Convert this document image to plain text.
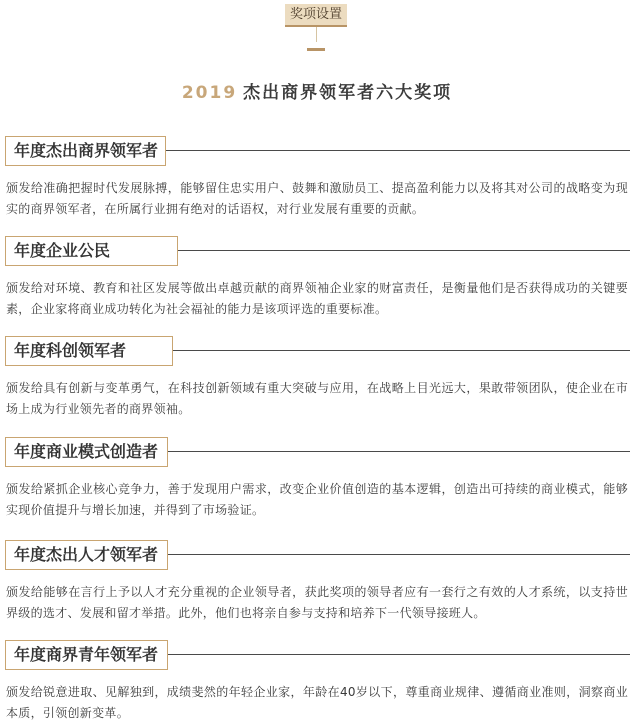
奖项设置
2019 杰出商界领军者六大奖项
年度杰出商界领军者
颁发给准确把握时代发展脉搏，能够留住忠实用户、鼓舞和激励员工、提高盈利能力以及将其对公司的战略变为现实的商界领军者，在所属行业拥有绝对的话语权，对行业发展有重要的贡献。
年度企业公民
颁发给对环境、教育和社区发展等做出卓越贡献的商界领袖企业家的财富责任，是衡量他们是否获得成功的关键要素，企业家将商业成功转化为社会福祉的能力是该项评选的重要标准。
年度科创领军者
颁发给具有创新与变革勇气，在科技创新领域有重大突破与应用，在战略上目光远大，果敢带领团队，使企业在市场上成为行业领先者的商界领袖。
年度商业模式创造者
颁发给紧抓企业核心竞争力，善于发现用户需求，改变企业价值创造的基本逻辑，创造出可持续的商业模式，能够实现价值提升与增长加速，并得到了市场验证。
年度杰出人才领军者
颁发给能够在言行上予以人才充分重视的企业领导者，获此奖项的领导者应有一套行之有效的人才系统，以支持世界级的选才、发展和留才举措。此外，他们也将亲自参与支持和培养下一代领导接班人。
年度商界青年领军者
颁发给锐意进取、见解独到，成绩斐然的年轻企业家，年龄在40岁以下，尊重商业规律、遵循商业准则，洞察商业本质，引领创新变革。
